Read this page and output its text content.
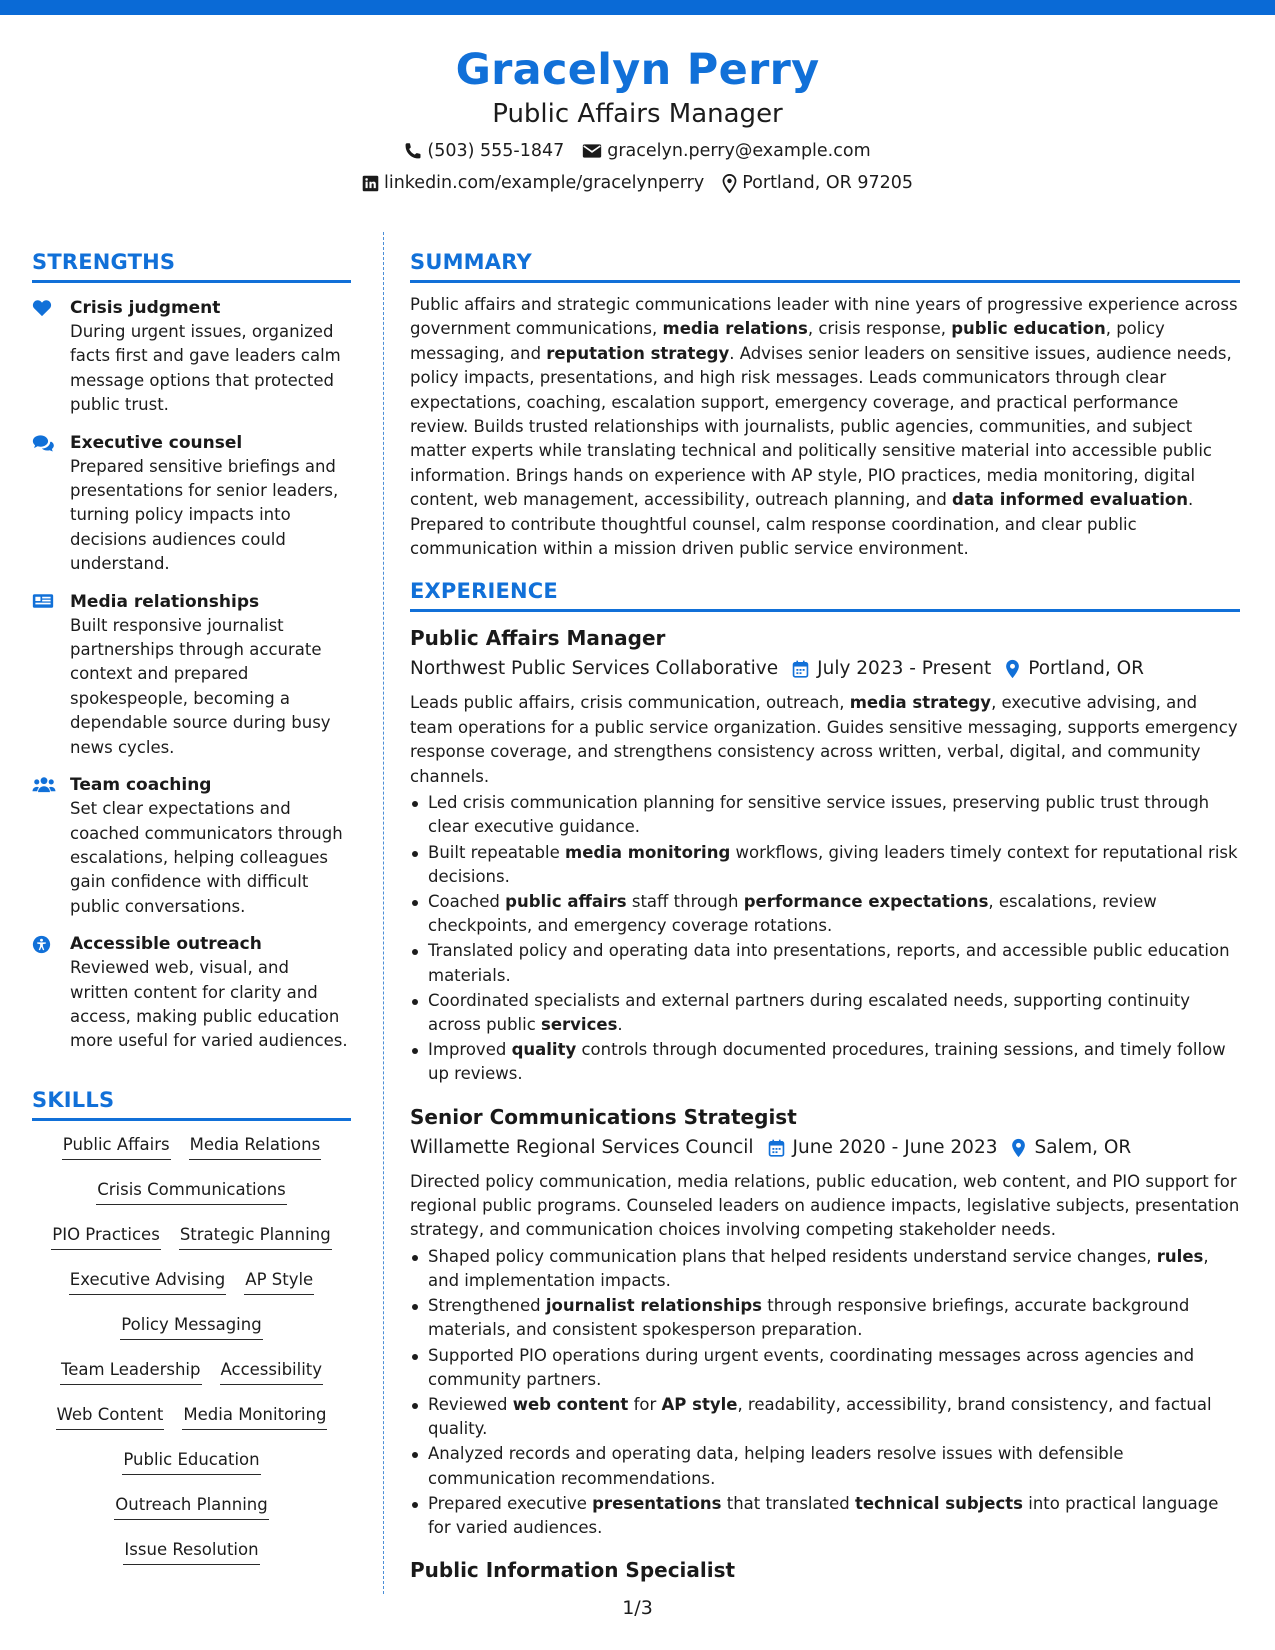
Gracelyn Perry
Public Affairs Manager
(503) 555-1847 gracelyn.perry@example.com
linkedin.com/example/gracelynperry Portland, OR 97205
STRENGTHS
Crisis judgment
During urgent issues, organized facts first and gave leaders calm message options that protected public trust.
Executive counsel
Prepared sensitive briefings and presentations for senior leaders, turning policy impacts into decisions audiences could understand.
Media relationships
Built responsive journalist partnerships through accurate context and prepared spokespeople, becoming a dependable source during busy news cycles.
Team coaching
Set clear expectations and coached communicators through escalations, helping colleagues gain confidence with difficult public conversations.
Accessible outreach
Reviewed web, visual, and written content for clarity and access, making public education more useful for varied audiences.
SKILLS
Public Affairs Media Relations
Crisis Communications
PIO Practices Strategic Planning
Executive Advising AP Style
Policy Messaging
Team Leadership Accessibility
Web Content Media Monitoring
Public Education
Outreach Planning
Issue Resolution
SUMMARY
Public affairs and strategic communications leader with nine years of progressive experience across government communications, media relations, crisis response, public education, policy messaging, and reputation strategy. Advises senior leaders on sensitive issues, audience needs, policy impacts, presentations, and high risk messages. Leads communicators through clear expectations, coaching, escalation support, emergency coverage, and practical performance review. Builds trusted relationships with journalists, public agencies, communities, and subject matter experts while translating technical and politically sensitive material into accessible public information. Brings hands on experience with AP style, PIO practices, media monitoring, digital content, web management, accessibility, outreach planning, and data informed evaluation. Prepared to contribute thoughtful counsel, calm response coordination, and clear public communication within a mission driven public service environment.
EXPERIENCE
Public Affairs Manager
Northwest Public Services Collaborative July 2023 - Present Portland, OR
Leads public affairs, crisis communication, outreach, media strategy, executive advising, and team operations for a public service organization. Guides sensitive messaging, supports emergency response coverage, and strengthens consistency across written, verbal, digital, and community channels.
Led crisis communication planning for sensitive service issues, preserving public trust through clear executive guidance.
Built repeatable media monitoring workflows, giving leaders timely context for reputational risk decisions.
Coached public affairs staff through performance expectations, escalations, review checkpoints, and emergency coverage rotations.
Translated policy and operating data into presentations, reports, and accessible public education materials.
Coordinated specialists and external partners during escalated needs, supporting continuity across public services.
Improved quality controls through documented procedures, training sessions, and timely follow up reviews.
Senior Communications Strategist
Willamette Regional Services Council June 2020 - June 2023 Salem, OR
Directed policy communication, media relations, public education, web content, and PIO support for regional public programs. Counseled leaders on audience impacts, legislative subjects, presentation strategy, and communication choices involving competing stakeholder needs.
Shaped policy communication plans that helped residents understand service changes, rules, and implementation impacts.
Strengthened journalist relationships through responsive briefings, accurate background materials, and consistent spokesperson preparation.
Supported PIO operations during urgent events, coordinating messages across agencies and community partners.
Reviewed web content for AP style, readability, accessibility, brand consistency, and factual quality.
Analyzed records and operating data, helping leaders resolve issues with defensible communication recommendations.
Prepared executive presentations that translated technical subjects into practical language for varied audiences.
Public Information Specialist
1/3
